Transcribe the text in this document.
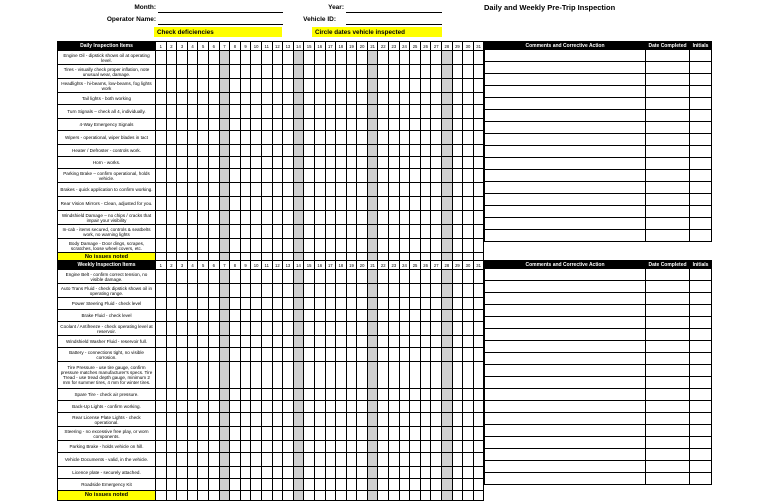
Month:	Year:
Operator Name:	Vehicle ID:
Daily and Weekly Pre-Trip Inspection
Check deficiencies	Circle dates vehicle inspected
Daily Inspection Items	1	2	3	4	5	6	7	8	9	10	11	12	13	14	15	16	17	18	19	20	21	22	23	24	25	26	27	28	29	30	31
Engine Oil - dipstick shows oil at operating level.																															
Tires - visually check proper inflation, note unusual wear, damage.																															
Headlights - hi-beams, low-beams, fog lights work																															
Tail lights - both working																															
Turn Signals – check all 4, individually.																															
4-Way Emergency Signals																															
Wipers - operational, wiper blades in tact																															
Heater / Defroster - controls work.																															
Horn - works.																															
Parking Brake – confirm operational, holds vehicle.																															
Brakes - quick application to confirm working.																															
Rear Vision Mirrors - Clean, adjusted for you.																															
Windshield Damage – no chips / cracks that impair your visibility																															
In-cab - items secured, controls & seatbelts work, no warning lights																															
Body Damage - Door dings, scrapes, scratches, loose wheel covers, etc.																															
No issues noted																															
Weekly Inspection Items	1	2	3	4	5	6	7	8	9	10	11	12	13	14	15	16	17	18	19	20	21	22	23	24	25	26	27	28	29	30	31
Engine Belt - confirm correct tension, no visible damage.																															
Auto Trans Fluid - check dipstick shows oil in operating range.																															
Power Steering Fluid - check level																															
Brake Fluid - check level																															
Coolant / Antifreeze - check operating level at reservoir.																															
Windshield Washer Fluid - reservoir full.																															
Battery - connections tight, no visible corrosion.																															
Tire Pressure - use tire gauge, confirm pressure matches manufacturer's specs. Tire Tread - use tread depth gauge, minimum 2 mm for summer tires, 4 mm for winter tires.																															
Spare Tire - check air pressure.																															
Back-Up Lights - confirm working.																															
Rear License Plate Lights - check operational.																															
Steering - no excessive free play, or worn components.																															
Parking Brake - holds vehicle on hill.																															
Vehicle Documents - valid, in the vehicle.																															
Licence plate - securely attached.																															
Roadside Emergency Kit																															
No issues noted																															
Comments and Corrective Action	Date Completed	Initials

Comments and Corrective Action	Date Completed	Initials
